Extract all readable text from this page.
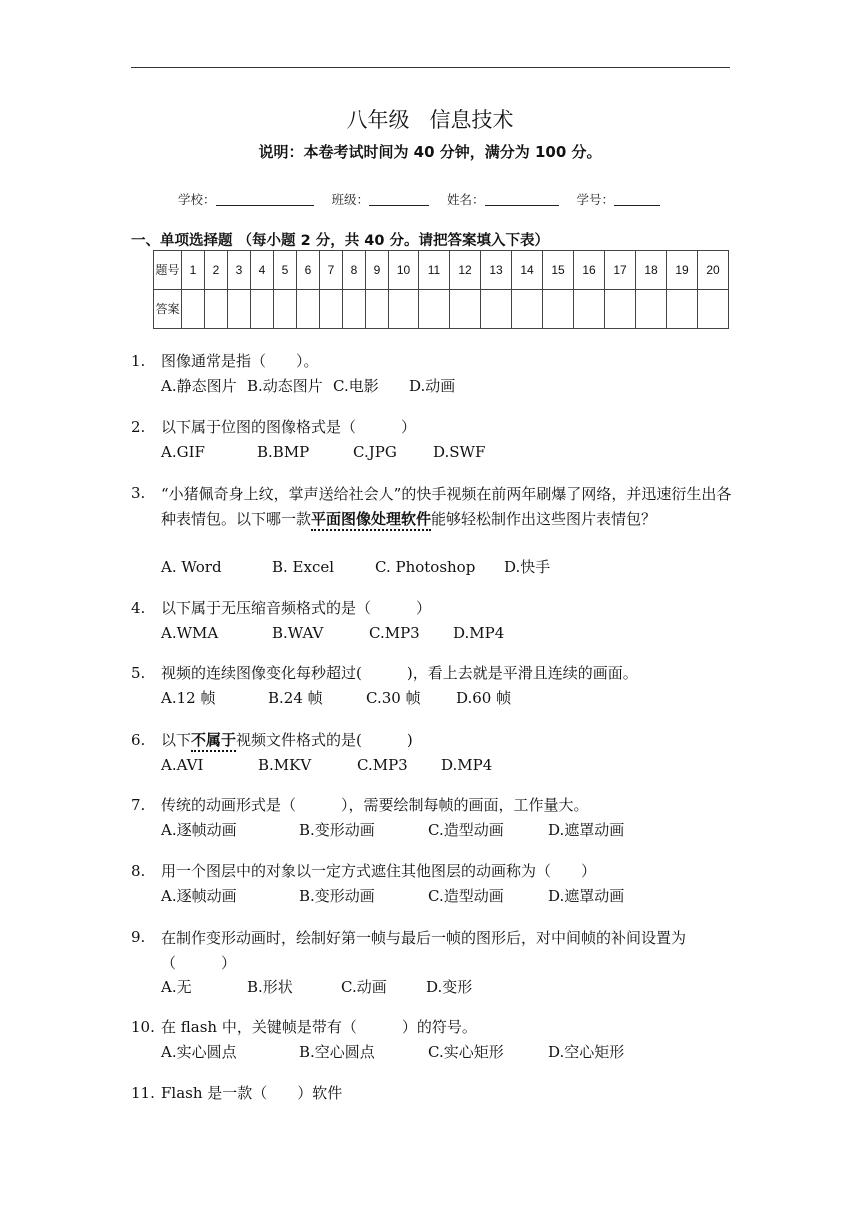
八年级 信息技术
说明：本卷考试时间为 40 分钟，满分为 100 分。
学校：	班级：	姓名：	学号：
一、单项选择题 （每小题 2 分，共 40 分。请把答案填入下表）
题号	1	2	3	4	5	6	7	8	9	10	11	12	13	14	15	16	17	18	19	20
答案																				
1. 图像通常是指（　　）。
A.静态图片 B.动态图片 C.电影 D.动画
2. 以下属于位图的图像格式是（　　　）
A.GIF	B.BMP	C.JPG D.SWF
3. “小猪佩奇身上纹，掌声送给社会人”的快手视频在前两年刷爆了网络，并迅速衍生出各种表情包。以下哪一款平面图像处理软件能够轻松制作出这些图片表情包？
A. Word	B. Excel	C. Photoshop D.快手
4. 以下属于无压缩音频格式的是（　　　）
A.WMA	B.WAV	C.MP3 D.MP4
5. 视频的连续图像变化每秒超过(　　　)，看上去就是平滑且连续的画面。
A.12 帧	B.24 帧	C.30 帧 D.60 帧
6. 以下不属于视频文件格式的是(　　　)
A.AVI	B.MKV	C.MP3 D.MP4
7. 传统的动画形式是（　　　），需要绘制每帧的画面，工作量大。
A.逐帧动画	B.变形动画	C.造型动画	D.遮罩动画
8. 用一个图层中的对象以一定方式遮住其他图层的动画称为（　　）
A.逐帧动画	B.变形动画	C.造型动画	D.遮罩动画
9. 在制作变形动画时，绘制好第一帧与最后一帧的图形后，对中间帧的补间设置为（　　　）
A.无	B.形状	C.动画	D.变形
10. 在 flash 中，关键帧是带有（　　　）的符号。
A.实心圆点	B.空心圆点	C.实心矩形	D.空心矩形
11. Flash 是一款（　　）软件
